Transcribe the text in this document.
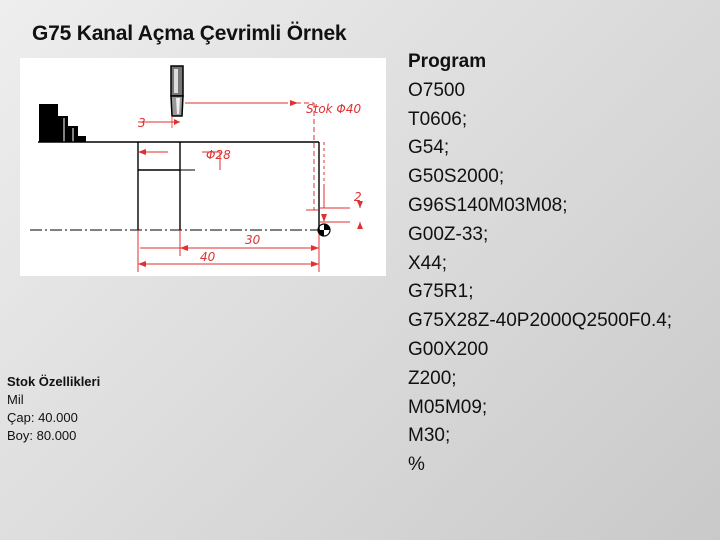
G75 Kanal Açma Çevrimli Örnek
Stok Φ40
Φ28
3
2
30
40
Stok Özellikleri
Mil
Çap: 40.000
Boy: 80.000
Program
O7500
T0606;
G54;
G50S2000;
G96S140M03M08;
G00Z-33;
X44;
G75R1;
G75X28Z-40P2000Q2500F0.4;
G00X200
Z200;
M05M09;
M30;
%
